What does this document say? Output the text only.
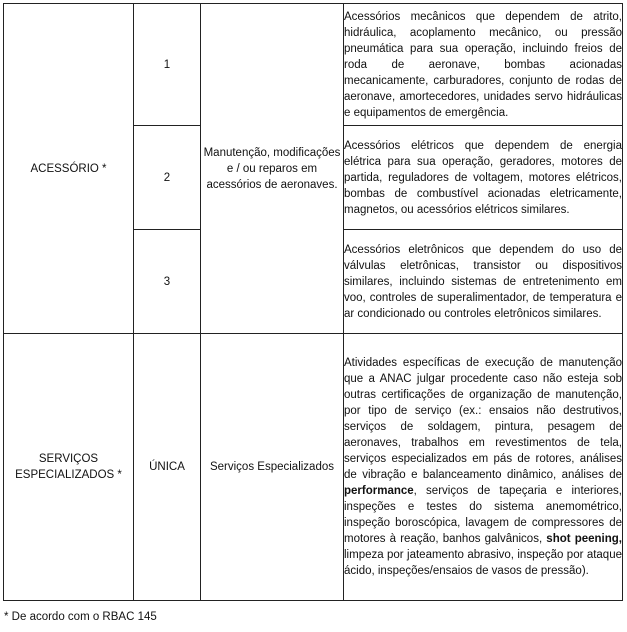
ACESSÓRIO *	1	Manutenção, modificações e / ou reparos em acessórios de aeronaves.	Acessórios mecânicos que dependem de atrito, hidráulica, acoplamento mecânico, ou pressão pneumática para sua operação, incluindo freios de roda de aeronave, bombas acionadas mecanicamente, carburadores, conjunto de rodas de aeronave, amortecedores, unidades servo hidráulicas e equipamentos de emergência.
	2		Acessórios elétricos que dependem de energia elétrica para sua operação, geradores, motores de partida, reguladores de voltagem, motores elétricos, bombas de combustível acionadas eletricamente, magnetos, ou acessórios elétricos similares.
	3		Acessórios eletrônicos que dependem do uso de válvulas eletrônicas, transistor ou dispositivos similares, incluindo sistemas de entretenimento em voo, controles de superalimentador, de temperatura e ar condicionado ou controles eletrônicos similares.
SERVIÇOS ESPECIALIZADOS *	ÚNICA	Serviços Especializados	Atividades específicas de execução de manutenção que a ANAC julgar procedente caso não esteja sob outras certificações de organização de manutenção, por tipo de serviço (ex.: ensaios não destrutivos, serviços de soldagem, pintura, pesagem de aeronaves, trabalhos em revestimentos de tela, serviços especializados em pás de rotores, análises de vibração e balanceamento dinâmico, análises de performance, serviços de tapeçaria e interiores, inspeções e testes do sistema anemométrico, inspeção boroscópica, lavagem de compressores de motores à reação, banhos galvânicos, shot peening, limpeza por jateamento abrasivo, inspeção por ataque ácido, inspeções/ensaios de vasos de pressão).

* De acordo com o RBAC 145
